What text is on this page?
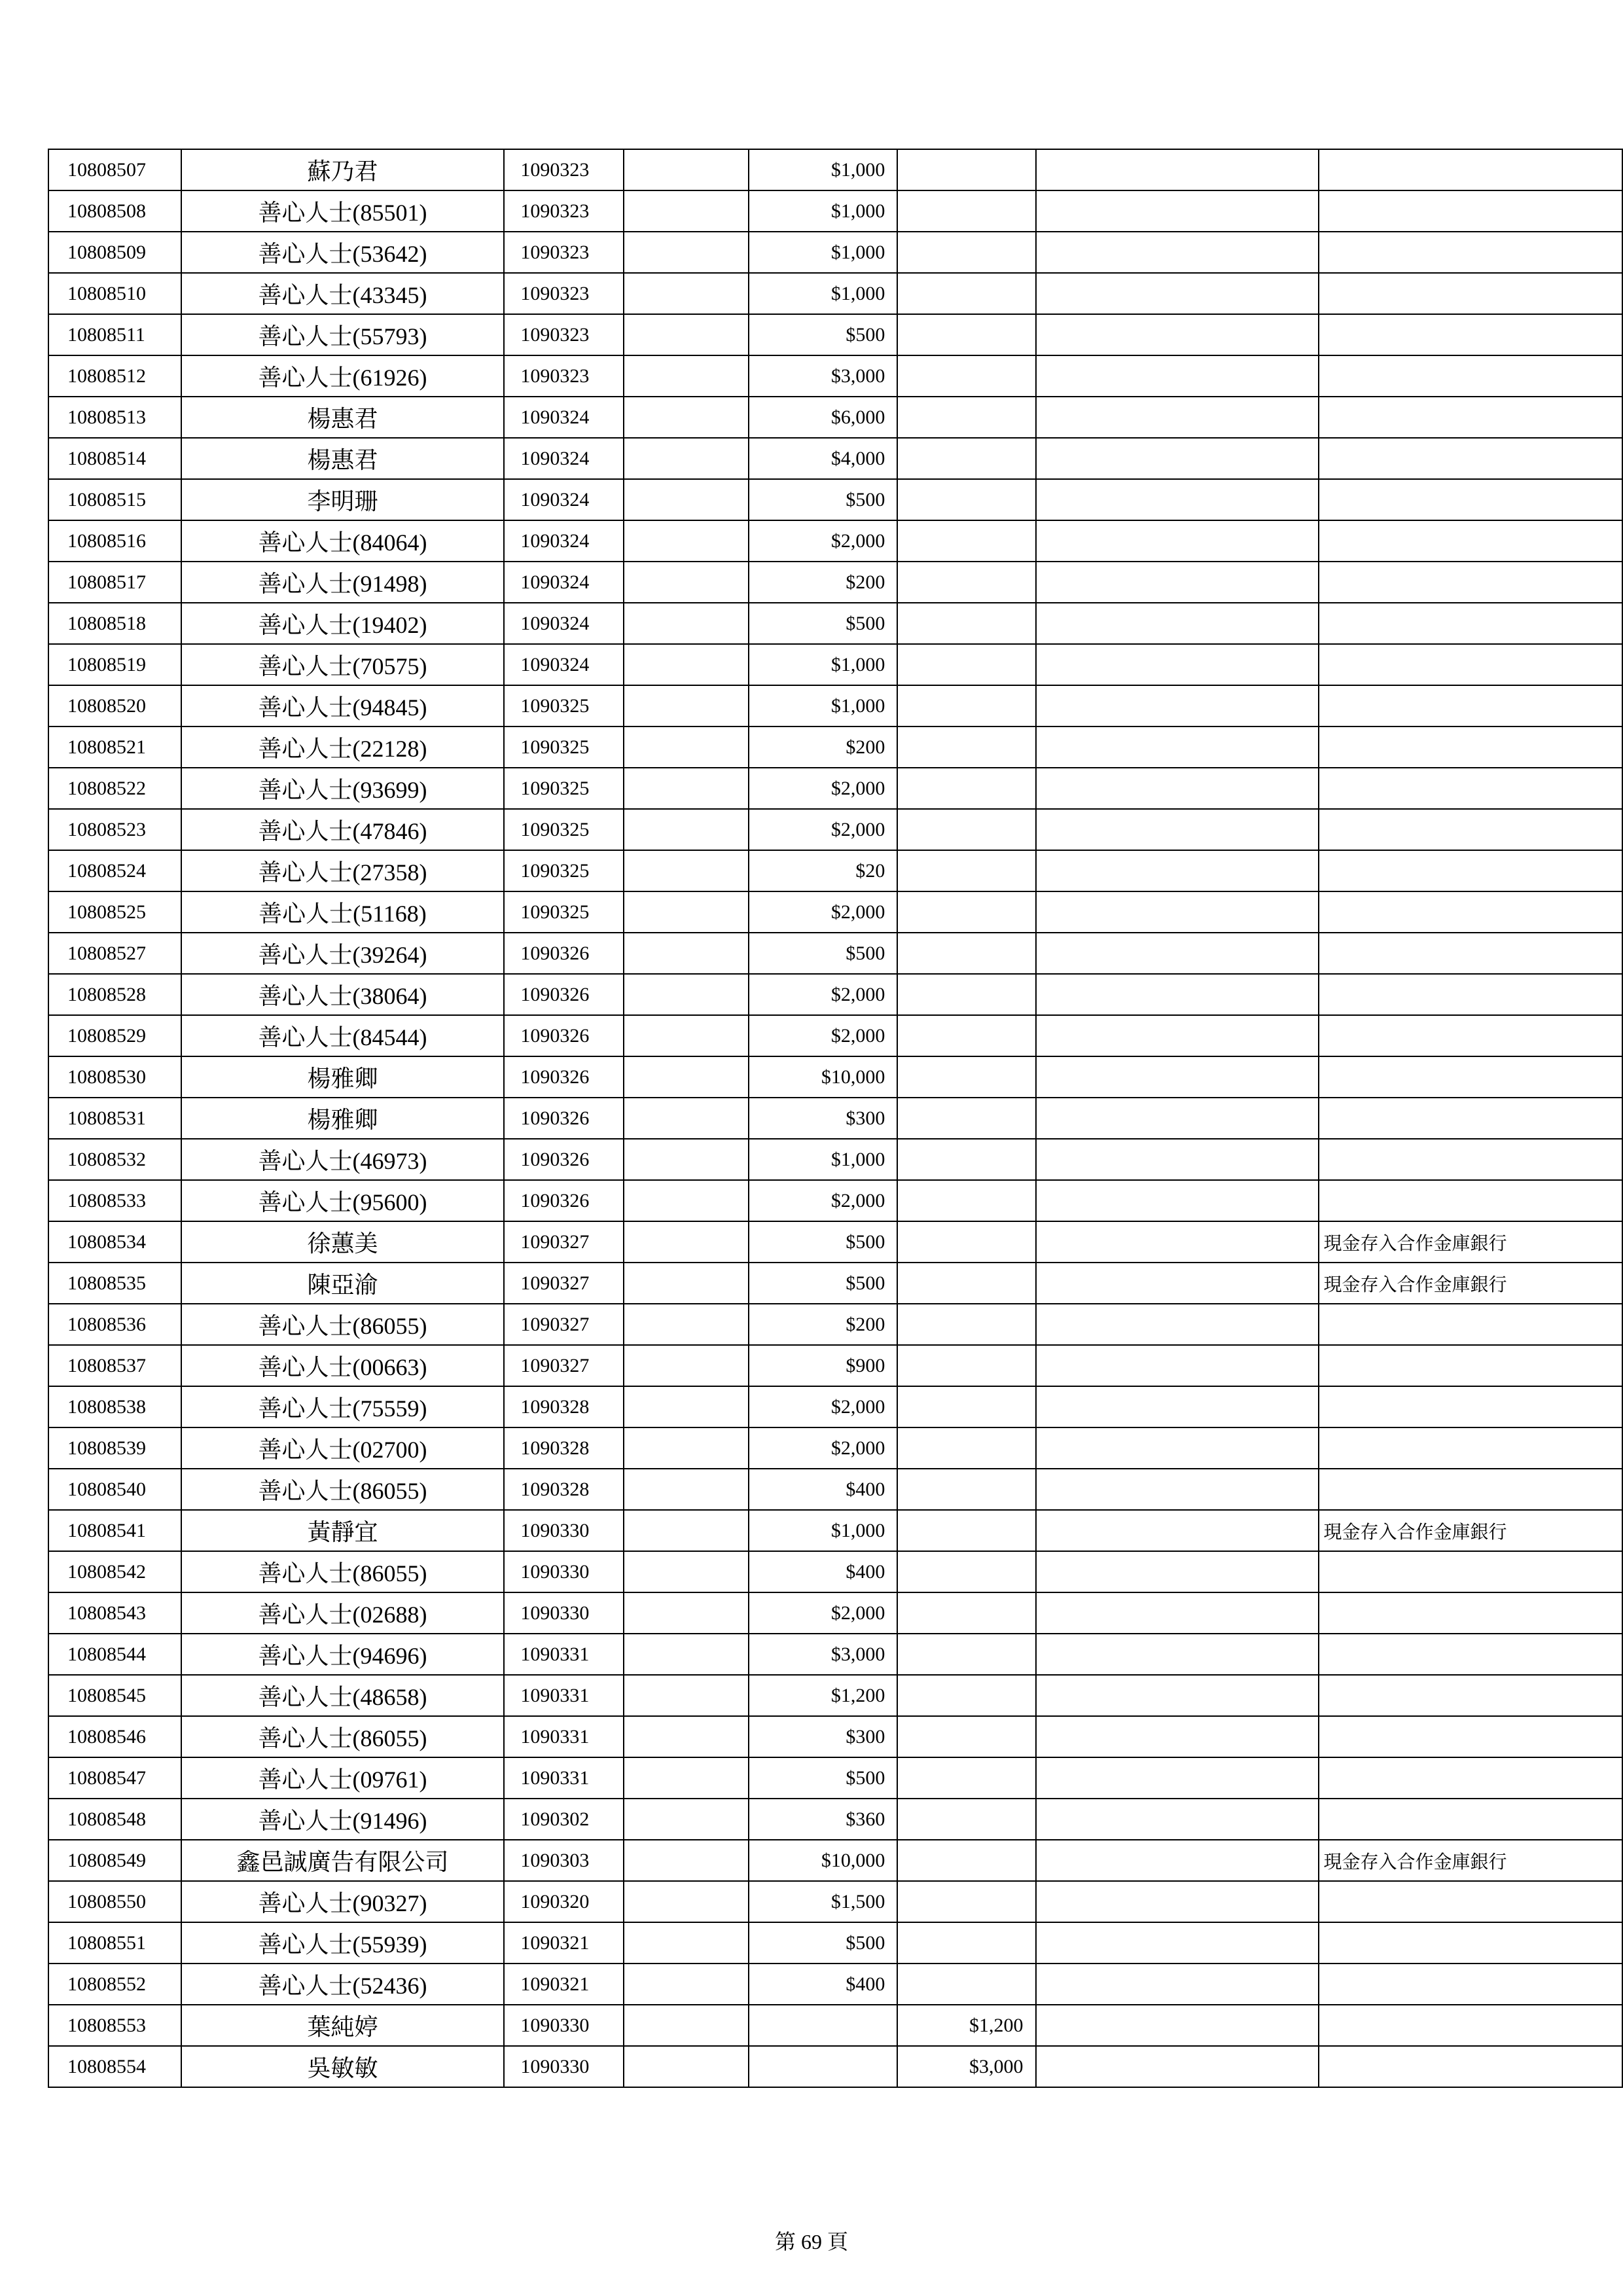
10808507	蘇乃君	1090323		$1,000			
10808508	善心人士(85501)	1090323		$1,000			
10808509	善心人士(53642)	1090323		$1,000			
10808510	善心人士(43345)	1090323		$1,000			
10808511	善心人士(55793)	1090323		$500			
10808512	善心人士(61926)	1090323		$3,000			
10808513	楊惠君	1090324		$6,000			
10808514	楊惠君	1090324		$4,000			
10808515	李明珊	1090324		$500			
10808516	善心人士(84064)	1090324		$2,000			
10808517	善心人士(91498)	1090324		$200			
10808518	善心人士(19402)	1090324		$500			
10808519	善心人士(70575)	1090324		$1,000			
10808520	善心人士(94845)	1090325		$1,000			
10808521	善心人士(22128)	1090325		$200			
10808522	善心人士(93699)	1090325		$2,000			
10808523	善心人士(47846)	1090325		$2,000			
10808524	善心人士(27358)	1090325		$20			
10808525	善心人士(51168)	1090325		$2,000			
10808527	善心人士(39264)	1090326		$500			
10808528	善心人士(38064)	1090326		$2,000			
10808529	善心人士(84544)	1090326		$2,000			
10808530	楊雅卿	1090326		$10,000			
10808531	楊雅卿	1090326		$300			
10808532	善心人士(46973)	1090326		$1,000			
10808533	善心人士(95600)	1090326		$2,000			
10808534	徐蕙美	1090327		$500			現金存入合作金庫銀行
10808535	陳亞渝	1090327		$500			現金存入合作金庫銀行
10808536	善心人士(86055)	1090327		$200			
10808537	善心人士(00663)	1090327		$900			
10808538	善心人士(75559)	1090328		$2,000			
10808539	善心人士(02700)	1090328		$2,000			
10808540	善心人士(86055)	1090328		$400			
10808541	黃靜宜	1090330		$1,000			現金存入合作金庫銀行
10808542	善心人士(86055)	1090330		$400			
10808543	善心人士(02688)	1090330		$2,000			
10808544	善心人士(94696)	1090331		$3,000			
10808545	善心人士(48658)	1090331		$1,200			
10808546	善心人士(86055)	1090331		$300			
10808547	善心人士(09761)	1090331		$500			
10808548	善心人士(91496)	1090302		$360			
10808549	鑫邑誠廣告有限公司	1090303		$10,000			現金存入合作金庫銀行
10808550	善心人士(90327)	1090320		$1,500			
10808551	善心人士(55939)	1090321		$500			
10808552	善心人士(52436)	1090321		$400			
10808553	葉純婷	1090330			$1,200		
10808554	吳敏敏	1090330			$3,000		
第 69 頁
